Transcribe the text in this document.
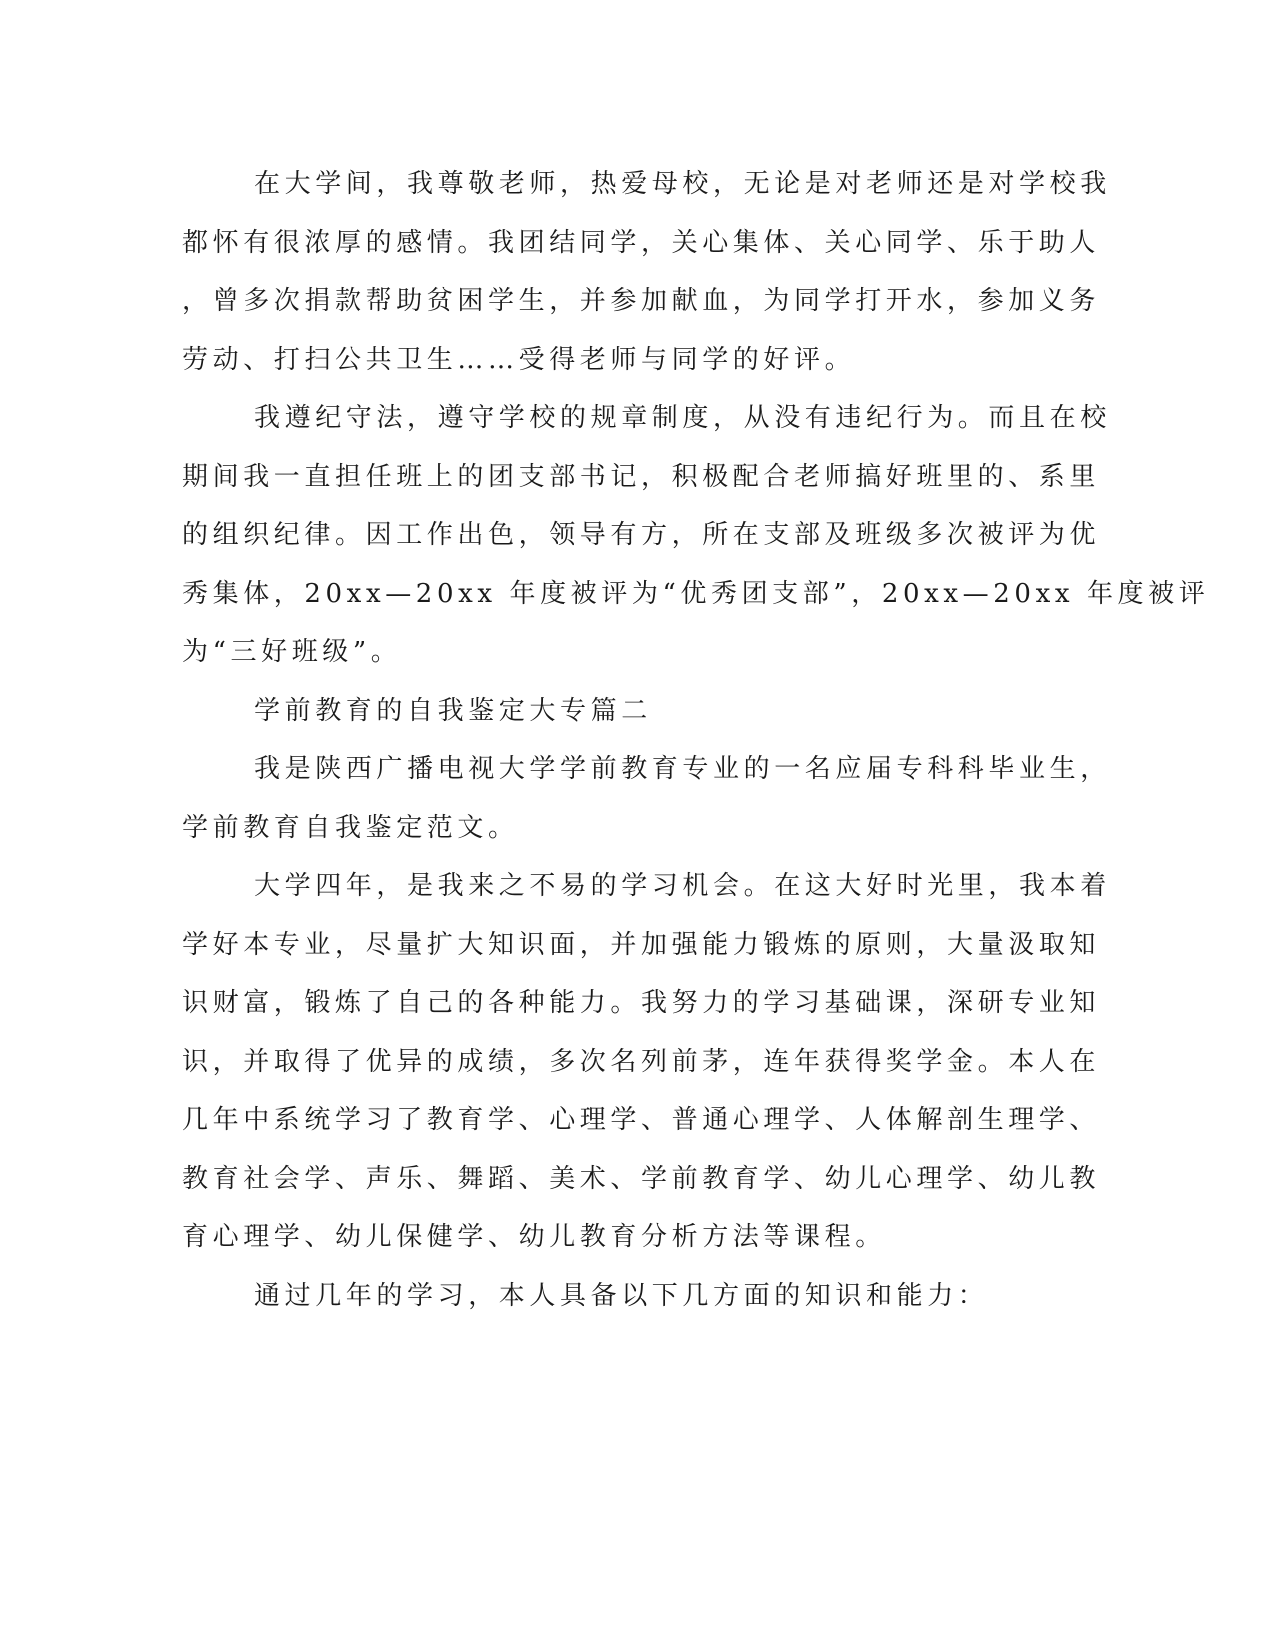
在大学间，我尊敬老师，热爱母校，无论是对老师还是对学校我
都怀有很浓厚的感情。我团结同学，关心集体、关心同学、乐于助人
，曾多次捐款帮助贫困学生，并参加献血，为同学打开水，参加义务
劳动、打扫公共卫生……受得老师与同学的好评。
我遵纪守法，遵守学校的规章制度，从没有违纪行为。而且在校
期间我一直担任班上的团支部书记，积极配合老师搞好班里的、系里
的组织纪律。因工作出色，领导有方，所在支部及班级多次被评为优
秀集体，20xx—20xx 年度被评为“优秀团支部”，20xx—20xx 年度被评
为“三好班级”。
学前教育的自我鉴定大专篇二
我是陕西广播电视大学学前教育专业的一名应届专科科毕业生，
学前教育自我鉴定范文。
大学四年，是我来之不易的学习机会。在这大好时光里，我本着
学好本专业，尽量扩大知识面，并加强能力锻炼的原则，大量汲取知
识财富，锻炼了自己的各种能力。我努力的学习基础课，深研专业知
识，并取得了优异的成绩，多次名列前茅，连年获得奖学金。本人在
几年中系统学习了教育学、心理学、普通心理学、人体解剖生理学、
教育社会学、声乐、舞蹈、美术、学前教育学、幼儿心理学、幼儿教
育心理学、幼儿保健学、幼儿教育分析方法等课程。
通过几年的学习，本人具备以下几方面的知识和能力：
